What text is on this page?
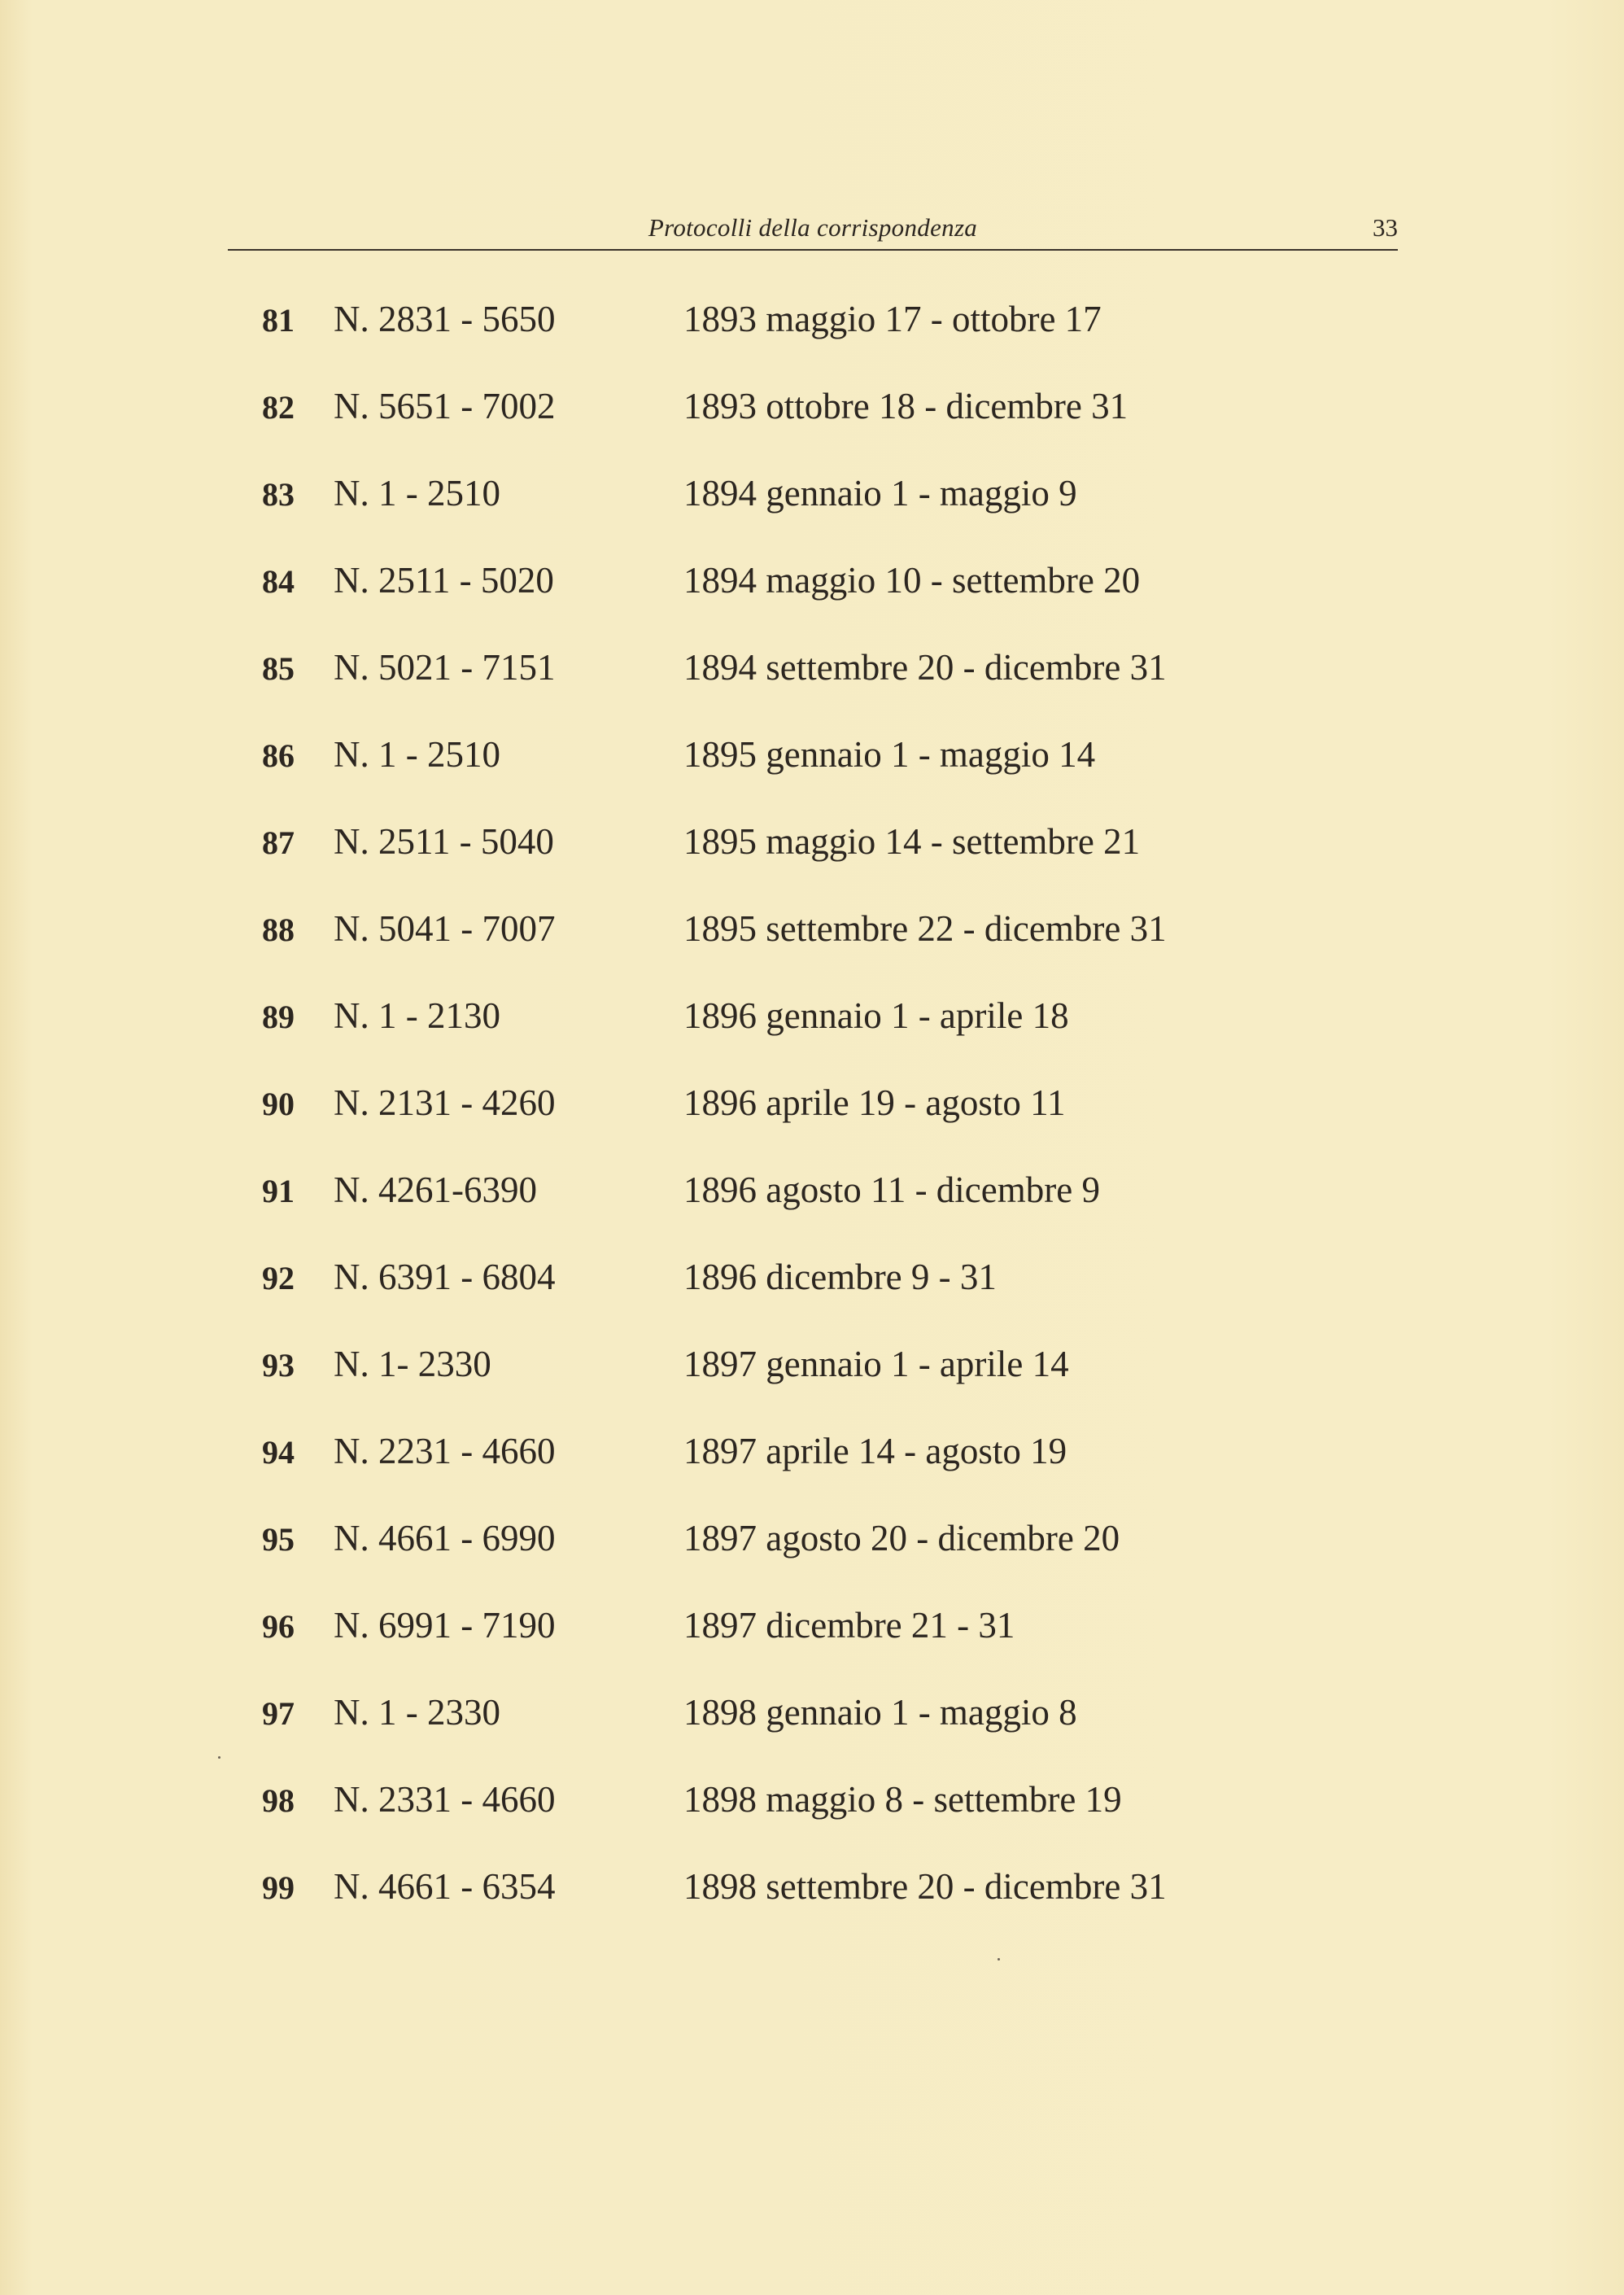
Protocolli della corrispondenza	33
81 N. 2831 - 5650	1893 maggio 17 - ottobre 17
82 N. 5651 - 7002	1893 ottobre 18 - dicembre 31
83 N. 1 - 2510	1894 gennaio 1 - maggio 9
84 N. 2511 - 5020	1894 maggio 10 - settembre 20
85 N. 5021 - 7151	1894 settembre 20 - dicembre 31
86 N. 1 - 2510	1895 gennaio 1 - maggio 14
87 N. 2511 - 5040	1895 maggio 14 - settembre 21
88 N. 5041 - 7007	1895 settembre 22 - dicembre 31
89 N. 1 - 2130	1896 gennaio 1 - aprile 18
90 N. 2131 - 4260	1896 aprile 19 - agosto 11
91 N. 4261-6390	1896 agosto 11 - dicembre 9
92 N. 6391 - 6804	1896 dicembre 9 - 31
93 N. 1- 2330	1897 gennaio 1 - aprile 14
94 N. 2231 - 4660	1897 aprile 14 - agosto 19
95 N. 4661 - 6990	1897 agosto 20 - dicembre 20
96 N. 6991 - 7190	1897 dicembre 21 - 31
97 N. 1 - 2330	1898 gennaio 1 - maggio 8
98 N. 2331 - 4660	1898 maggio 8 - settembre 19
99 N. 4661 - 6354	1898 settembre 20 - dicembre 31
